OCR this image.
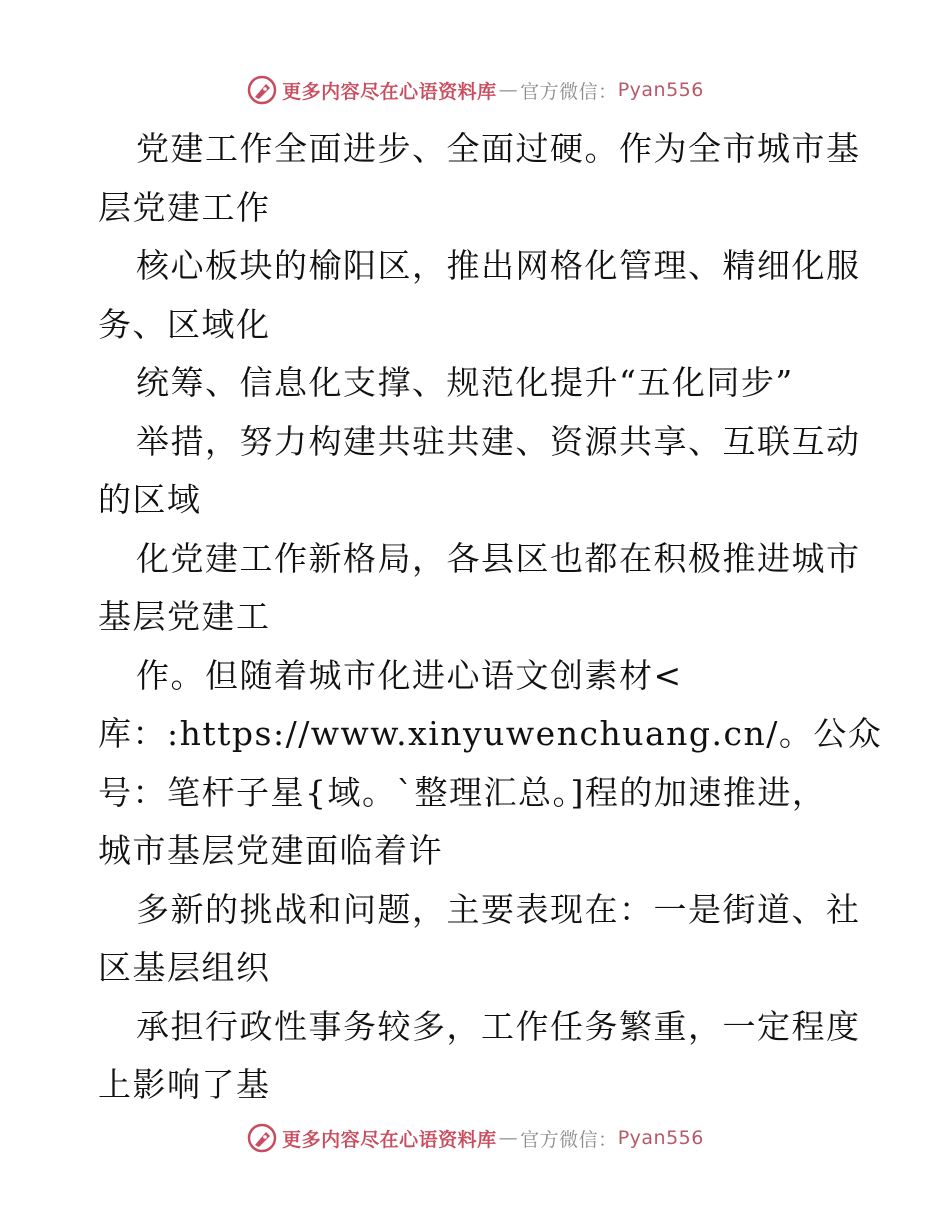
更多内容尽在心语资料库 — 官方微信： Pyan556
党建工作全面进步、全面过硬。作为全市城市基
层党建工作
核心板块的榆阳区，推出网格化管理、精细化服
务、区域化
统筹、信息化支撑、规范化提升“五化同步”
举措，努力构建共驻共建、资源共享、互联互动
的区域
化党建工作新格局，各县区也都在积极推进城市
基层党建工
作。但随着城市化进心语文创素材<
库：:https://www.xinyuwenchuang.cn/。公众
号：笔杆子星{域。`整理汇总。]程的加速推进，
城市基层党建面临着许
多新的挑战和问题，主要表现在：一是街道、社
区基层组织
承担行政性事务较多，工作任务繁重，一定程度
上影响了基
更多内容尽在心语资料库 — 官方微信： Pyan556
